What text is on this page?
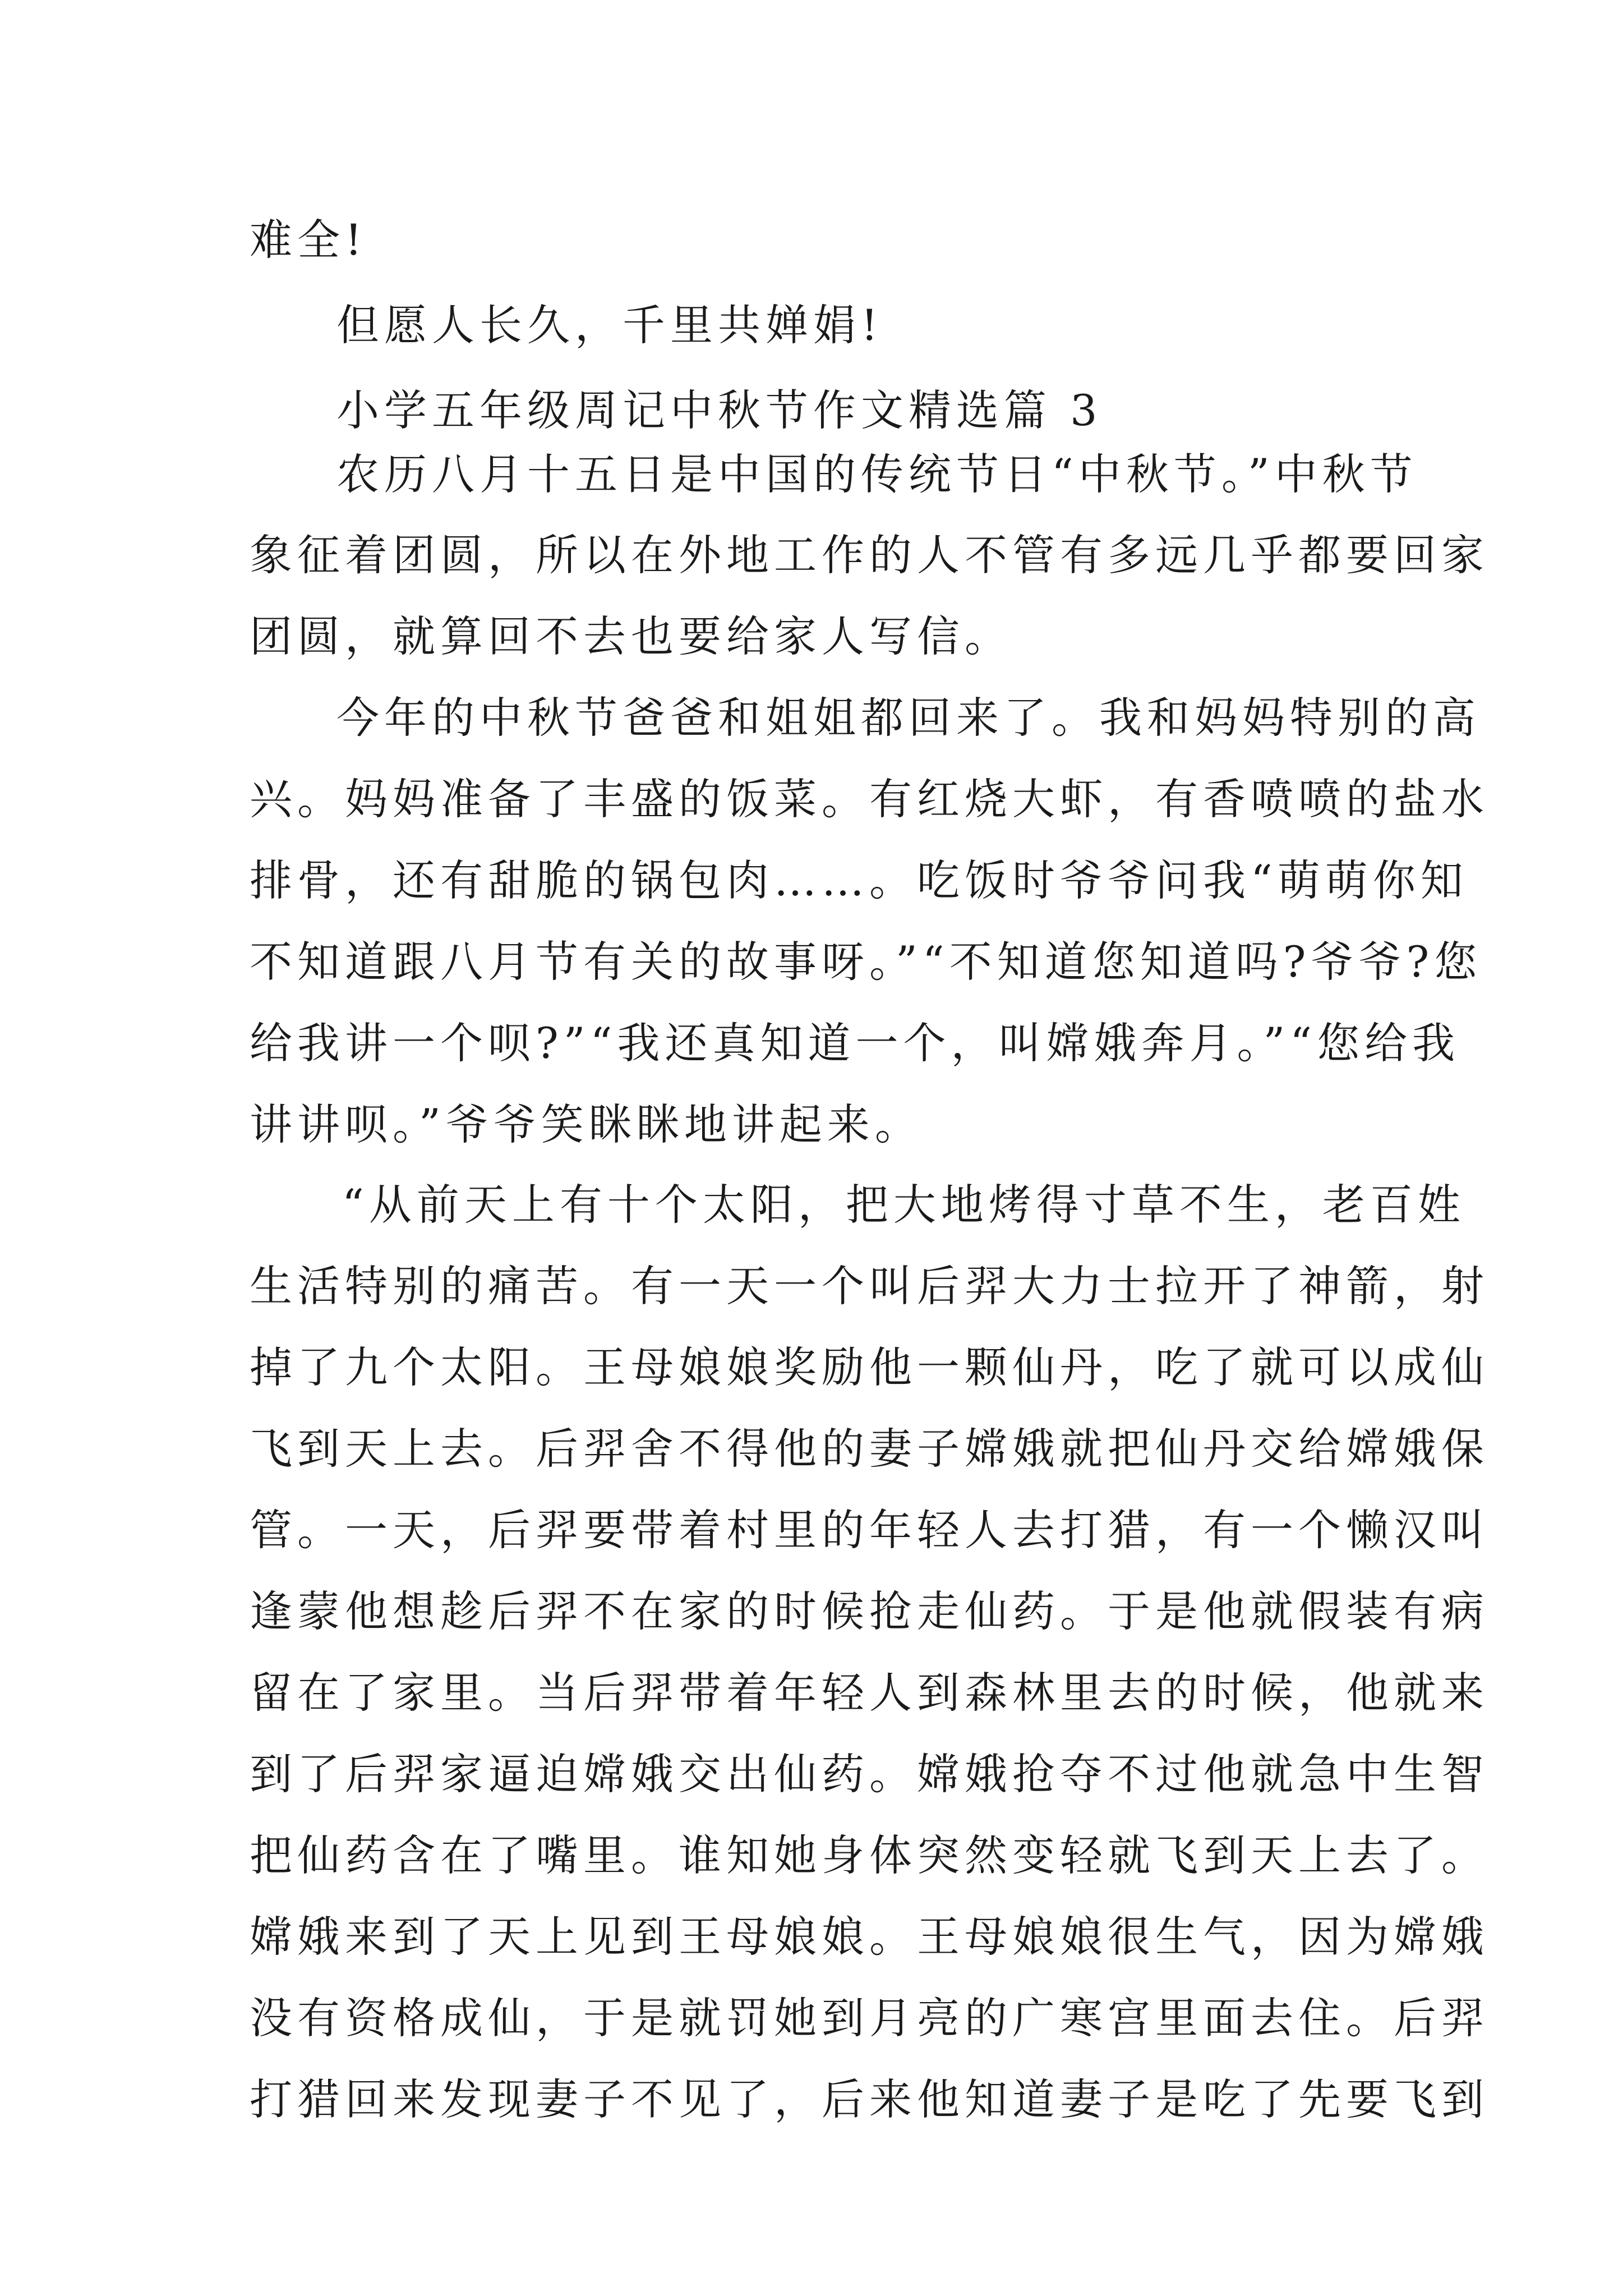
难全!
但愿人长久，千里共婵娟!
小学五年级周记中秋节作文精选篇 3
农历八月十五日是中国的传统节日“中秋节。”中秋节
象征着团圆，所以在外地工作的人不管有多远几乎都要回家
团圆，就算回不去也要给家人写信。
今年的中秋节爸爸和姐姐都回来了。我和妈妈特别的高
兴。妈妈准备了丰盛的饭菜。有红烧大虾，有香喷喷的盐水
排骨，还有甜脆的锅包肉……。吃饭时爷爷问我“萌萌你知
不知道跟八月节有关的故事呀。”“不知道您知道吗?爷爷?您
给我讲一个呗?”“我还真知道一个，叫嫦娥奔月。”“您给我
讲讲呗。”爷爷笑眯眯地讲起来。
“从前天上有十个太阳，把大地烤得寸草不生，老百姓
生活特别的痛苦。有一天一个叫后羿大力士拉开了神箭，射
掉了九个太阳。王母娘娘奖励他一颗仙丹，吃了就可以成仙
飞到天上去。后羿舍不得他的妻子嫦娥就把仙丹交给嫦娥保
管。一天，后羿要带着村里的年轻人去打猎，有一个懒汉叫
逢蒙他想趁后羿不在家的时候抢走仙药。于是他就假装有病
留在了家里。当后羿带着年轻人到森林里去的时候，他就来
到了后羿家逼迫嫦娥交出仙药。嫦娥抢夺不过他就急中生智
把仙药含在了嘴里。谁知她身体突然变轻就飞到天上去了。
嫦娥来到了天上见到王母娘娘。王母娘娘很生气，因为嫦娥
没有资格成仙，于是就罚她到月亮的广寒宫里面去住。后羿
打猎回来发现妻子不见了，后来他知道妻子是吃了先要飞到
